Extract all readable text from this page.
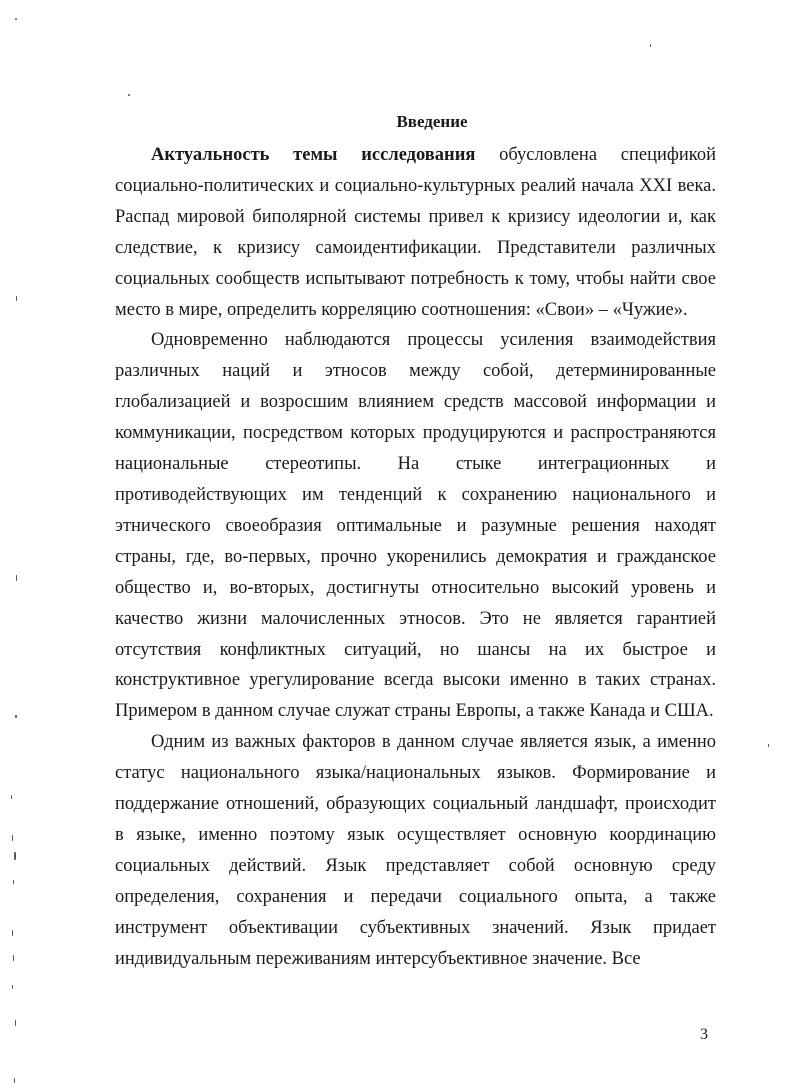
Введение

Актуальность темы исследования обусловлена спецификой социально-политических и социально-культурных реалий начала XXI века. Распад мировой биполярной системы привел к кризису идеологии и, как следствие, к кризису самоидентификации. Представители различных социальных сообществ испытывают потребность к тому, чтобы найти свое место в мире, определить корреляцию соотношения: «Свои» – «Чужие».

Одновременно наблюдаются процессы усиления взаимодействия различных наций и этносов между собой, детерминированные глобализацией и возросшим влиянием средств массовой информации и коммуникации, посредством которых продуцируются и распространяются национальные стереотипы. На стыке интеграционных и противодействующих им тенденций к сохранению национального и этнического своеобразия оптимальные и разумные решения находят страны, где, во-первых, прочно укоренились демократия и гражданское общество и, во-вторых, достигнуты относительно высокий уровень и качество жизни малочисленных этносов. Это не является гарантией отсутствия конфликтных ситуаций, но шансы на их быстрое и конструктивное урегулирование всегда высоки именно в таких странах. Примером в данном случае служат страны Европы, а также Канада и США.

Одним из важных факторов в данном случае является язык, а именно статус национального языка/национальных языков. Формирование и поддержание отношений, образующих социальный ландшафт, происходит в языке, именно поэтому язык осуществляет основную координацию социальных действий. Язык представляет собой основную среду определения, сохранения и передачи социального опыта, а также инструмент объективации субъективных значений. Язык придает индивидуальным переживаниям интерсубъективное значение. Все

3
